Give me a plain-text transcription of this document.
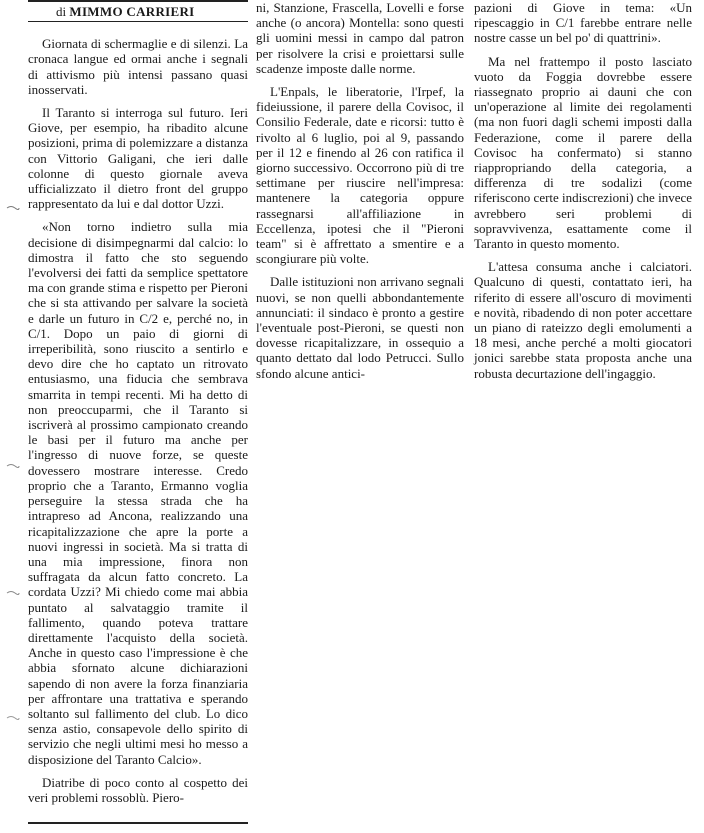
di MIMMO CARRIERI

Giornata di schermaglie e di silenzi. La cronaca langue ed ormai anche i segnali di attivismo più intensi passano quasi inosservati.

Il Taranto si interroga sul futuro. Ieri Giove, per esempio, ha ribadito alcune posizioni, prima di polemizzare a distanza con Vittorio Galigani, che ieri dalle colonne di questo giornale aveva ufficializzato il dietro front del gruppo rappresentato da lui e dal dottor Uzzi.

«Non torno indietro sulla mia decisione di disimpegnarmi dal calcio: lo dimostra il fatto che sto seguendo l'evolversi dei fatti da semplice spettatore ma con grande stima e rispetto per Pieroni che si sta attivando per salvare la società e darle un futuro in C/2 e, perché no, in C/1. Dopo un paio di giorni di irreperibilità, sono riuscito a sentirlo e devo dire che ho captato un ritrovato entusiasmo, una fiducia che sembrava smarrita in tempi recenti. Mi ha detto di non preoccuparmi, che il Taranto si iscriverà al prossimo campionato creando le basi per il futuro ma anche per l'ingresso di nuove forze, se queste dovessero mostrare interesse. Credo proprio che a Taranto, Ermanno voglia perseguire la stessa strada che ha intrapreso ad Ancona, realizzando una ricapitalizzazione che apre la porte a nuovi ingressi in società. Ma si tratta di una mia impressione, finora non suffragata da alcun fatto concreto. La cordata Uzzi? Mi chiedo come mai abbia puntato al salvataggio tramite il fallimento, quando poteva trattare direttamente l'acquisto della società. Anche in questo caso l'impressione è che abbia sfornato alcune dichiarazioni sapendo di non avere la forza finanziaria per affrontare una trattativa e sperando soltanto sul fallimento del club. Lo dico senza astio, consapevole dello spirito di servizio che negli ultimi mesi ho messo a disposizione del Taranto Calcio».

Diatribe di poco conto al cospetto dei veri problemi rossoblù. Piero-

ni, Stanzione, Frascella, Lovelli e forse anche (o ancora) Montella: sono questi gli uomini messi in campo dal patron per risolvere la crisi e proiettarsi sulle scadenze imposte dalle norme.

L'Enpals, le liberatorie, l'Irpef, la fideiussione, il parere della Covisoc, il Consilio Federale, date e ricorsi: tutto è rivolto al 6 luglio, poi al 9, passando per il 12 e finendo al 26 con ratifica il giorno successivo. Occorrono più di tre settimane per riuscire nell'impresa: mantenere la categoria oppure rassegnarsi all'affiliazione in Eccellenza, ipotesi che il "Pieroni team" si è affrettato a smentire e a scongiurare più volte.

Dalle istituzioni non arrivano segnali nuovi, se non quelli abbondantemente annunciati: il sindaco è pronto a gestire l'eventuale post-Pieroni, se questi non dovesse ricapitalizzare, in ossequio a quanto dettato dal lodo Petrucci. Sullo sfondo alcune antici-

pazioni di Giove in tema: «Un ripescaggio in C/1 farebbe entrare nelle nostre casse un bel po' di quattrini».

Ma nel frattempo il posto lasciato vuoto da Foggia dovrebbe essere riassegnato proprio ai dauni che con un'operazione al limite dei regolamenti (ma non fuori dagli schemi imposti dalla Federazione, come il parere della Covisoc ha confermato) si stanno riappropriando della categoria, a differenza di tre sodalizi (come riferiscono certe indiscrezioni) che invece avrebbero seri problemi di sopravvivenza, esattamente come il Taranto in questo momento.

L'attesa consuma anche i calciatori. Qualcuno di questi, contattato ieri, ha riferito di essere all'oscuro di movimenti e novità, ribadendo di non poter accettare un piano di rateizzo degli emolumenti a 18 mesi, anche perché a molti giocatori jonici sarebbe stata proposta anche una robusta decurtazione dell'ingaggio.
